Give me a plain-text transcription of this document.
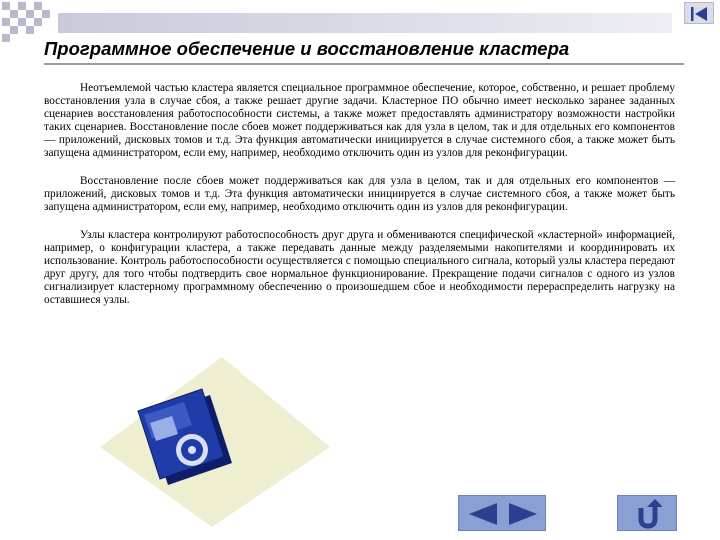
Программное обеспечение и восстановление кластера

Неотъемлемой частью кластера является специальное программное обеспечение, которое, собственно, и решает проблему восстановления узла в случае сбоя, а также решает другие задачи. Кластерное ПО обычно имеет несколько заранее заданных сценариев восстановления работоспособности системы, а также может предоставлять администратору возможности настройки таких сценариев. Восстановление после сбоев может поддерживаться как для узла в целом, так и для отдельных его компонентов — приложений, дисковых томов и т.д. Эта функция автоматически инициируется в случае системного сбоя, а также может быть запущена администратором, если ему, например, необходимо отключить один из узлов для реконфигурации.

Восстановление после сбоев может поддерживаться как для узла в целом, так и для отдельных его компонентов — приложений, дисковых томов и т.д. Эта функция автоматически инициируется в случае системного сбоя, а также может быть запущена администратором, если ему, например, необходимо отключить один из узлов для реконфигурации.

Узлы кластера контролируют работоспособность друг друга и обмениваются специфической «кластерной» информацией, например, о конфигурации кластера, а также передавать данные между разделяемыми накопителями и координировать их использование. Контроль работоспособности осуществляется с помощью специального сигнала, который узлы кластера передают друг другу, для того чтобы подтвердить свое нормальное функционирование. Прекращение подачи сигналов с одного из узлов сигнализирует кластерному программному обеспечению о произошедшем сбое и необходимости перераспределить нагрузку на оставшиеся узлы.
